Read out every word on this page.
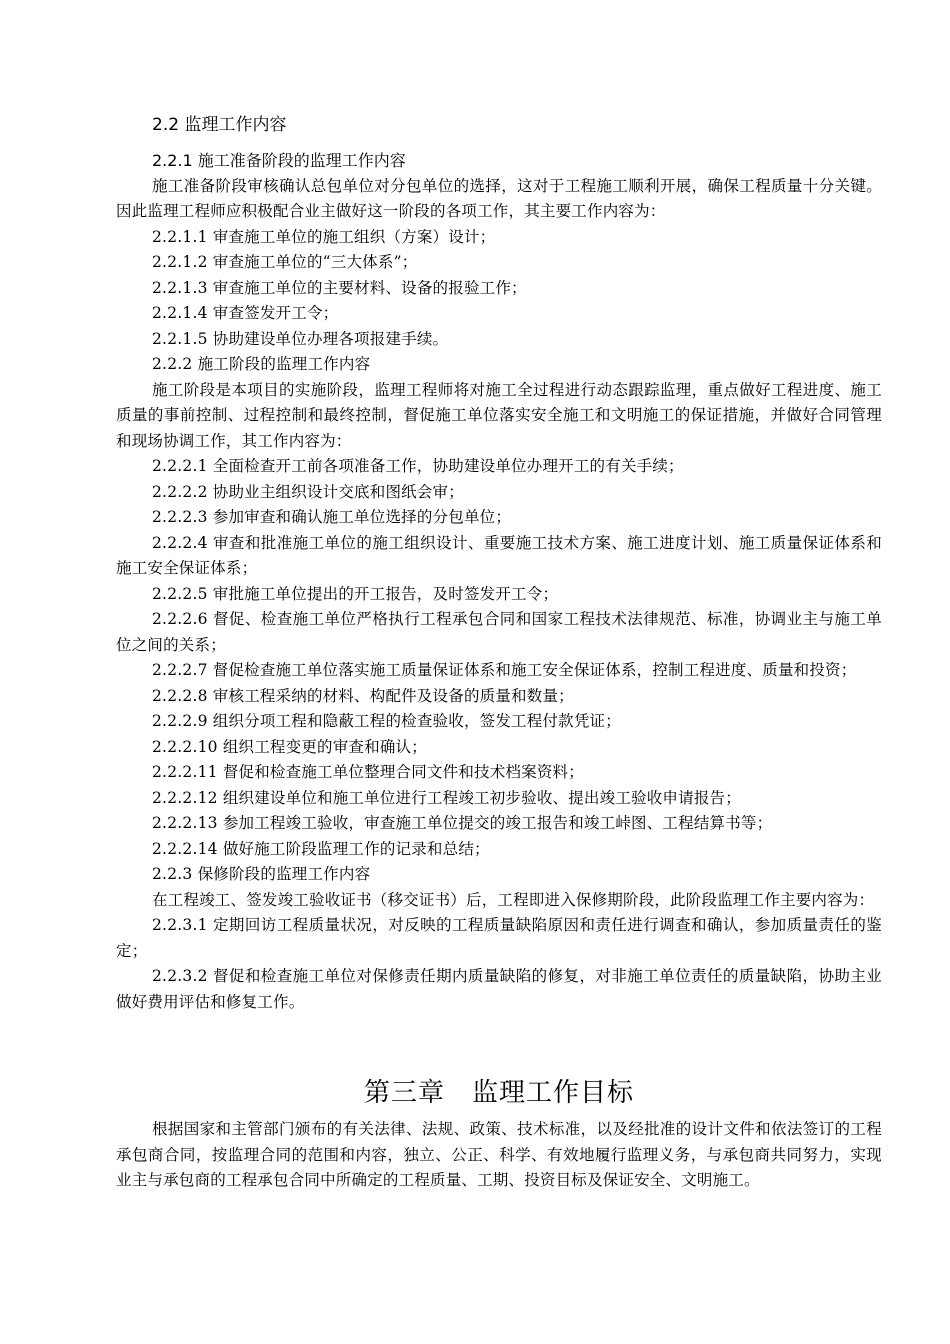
2.2 监理工作内容
2.2.1 施工准备阶段的监理工作内容

施工准备阶段审核确认总包单位对分包单位的选择，这对于工程施工顺利开展，确保工程质量十分关键。因此监理工程师应积极配合业主做好这一阶段的各项工作，其主要工作内容为：

2.2.1.1 审查施工单位的施工组织（方案）设计；

2.2.1.2 审查施工单位的“三大体系”；

2.2.1.3 审查施工单位的主要材料、设备的报验工作；

2.2.1.4 审查签发开工令；

2.2.1.5 协助建设单位办理各项报建手续。

2.2.2 施工阶段的监理工作内容

施工阶段是本项目的实施阶段，监理工程师将对施工全过程进行动态跟踪监理，重点做好工程进度、施工质量的事前控制、过程控制和最终控制，督促施工单位落实安全施工和文明施工的保证措施，并做好合同管理和现场协调工作，其工作内容为：

2.2.2.1 全面检查开工前各项准备工作，协助建设单位办理开工的有关手续；

2.2.2.2 协助业主组织设计交底和图纸会审；

2.2.2.3 参加审查和确认施工单位选择的分包单位；

2.2.2.4 审查和批准施工单位的施工组织设计、重要施工技术方案、施工进度计划、施工质量保证体系和施工安全保证体系；

2.2.2.5 审批施工单位提出的开工报告，及时签发开工令；

2.2.2.6 督促、检查施工单位严格执行工程承包合同和国家工程技术法律规范、标准，协调业主与施工单位之间的关系；

2.2.2.7 督促检查施工单位落实施工质量保证体系和施工安全保证体系，控制工程进度、质量和投资；

2.2.2.8 审核工程采纳的材料、构配件及设备的质量和数量；

2.2.2.9 组织分项工程和隐蔽工程的检查验收，签发工程付款凭证；

2.2.2.10 组织工程变更的审查和确认；

2.2.2.11 督促和检查施工单位整理合同文件和技术档案资料；

2.2.2.12 组织建设单位和施工单位进行工程竣工初步验收、提出竣工验收申请报告；

2.2.2.13 参加工程竣工验收，审查施工单位提交的竣工报告和竣工峠图、工程结算书等；

2.2.2.14 做好施工阶段监理工作的记录和总结；

2.2.3 保修阶段的监理工作内容

在工程竣工、签发竣工验收证书（移交证书）后，工程即进入保修期阶段，此阶段监理工作主要内容为：

2.2.3.1 定期回访工程质量状况，对反映的工程质量缺陷原因和责任进行调查和确认，参加质量责任的鉴定；

2.2.3.2 督促和检查施工单位对保修责任期内质量缺陷的修复，对非施工单位责任的质量缺陷，协助主业做好费用评估和修复工作。

第三章　监理工作目标

根据国家和主管部门颁布的有关法律、法规、政策、技术标准，以及经批准的设计文件和依法签订的工程承包商合同，按监理合同的范围和内容，独立、公正、科学、有效地履行监理义务，与承包商共同努力，实现业主与承包商的工程承包合同中所确定的工程质量、工期、投资目标及保证安全、文明施工。
